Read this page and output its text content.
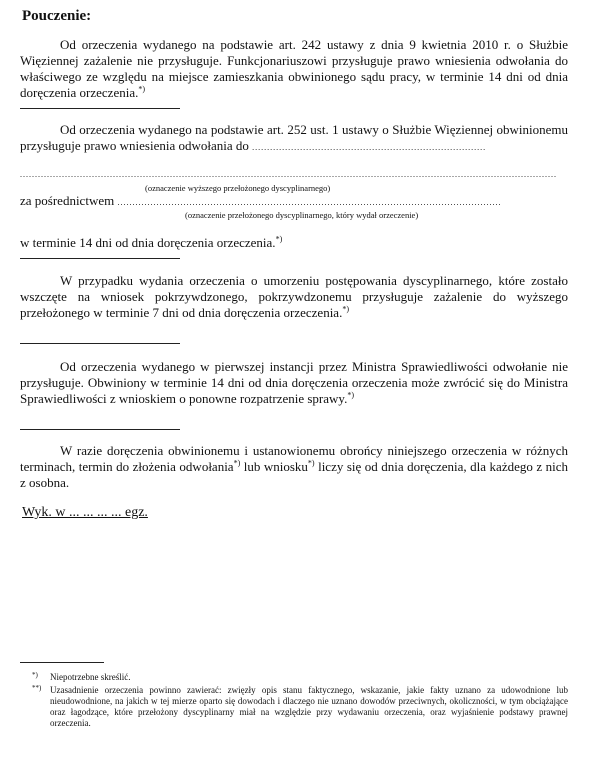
Pouczenie:
Od orzeczenia wydanego na podstawie art. 242 ustawy z dnia 9 kwietnia 2010 r. o Służbie Więziennej zażalenie nie przysługuje. Funkcjonariuszowi przysługuje prawo wniesienia odwołania do właściwego ze względu na miejsce zamieszkania obwinionego sądu pracy, w terminie 14 dni od dnia doręczenia orzeczenia.*)
Od orzeczenia wydanego na podstawie art. 252 ust. 1 ustawy o Służbie Więziennej obwinionemu przysługuje prawo wniesienia odwołania do ..............................................................................
...................................................................................................................................................................................
(oznaczenie wyższego przełożonego dyscyplinarnego)
za pośrednictwem ................................................................................................................................
(oznaczenie przełożonego dyscyplinarnego, który wydał orzeczenie)
w terminie 14 dni od dnia doręczenia orzeczenia.*)
W przypadku wydania orzeczenia o umorzeniu postępowania dyscyplinarnego, które zostało wszczęte na wniosek pokrzywdzonego, pokrzywdzonemu przysługuje zażalenie do wyższego przełożonego w terminie 7 dni od dnia doręczenia orzeczenia.*)
Od orzeczenia wydanego w pierwszej instancji przez Ministra Sprawiedliwości odwołanie nie przysługuje. Obwiniony w terminie 14 dni od dnia doręczenia orzeczenia może zwrócić się do Ministra Sprawiedliwości z wnioskiem o ponowne rozpatrzenie sprawy.*)
W razie doręczenia obwinionemu i ustanowionemu obrońcy niniejszego orzeczenia w różnych terminach, termin do złożenia odwołania*) lub wniosku*) liczy się od dnia doręczenia, dla każdego z nich z osobna.
Wyk. w ... ... ... ... egz.
*)	Niepotrzebne skreślić.
**) Uzasadnienie orzeczenia powinno zawierać: zwięzły opis stanu faktycznego, wskazanie, jakie fakty uznano za udowodnione lub nieudowodnione, na jakich w tej mierze oparto się dowodach i dlaczego nie uznano dowodów przeciwnych, okoliczności, w tym obciążające oraz łagodzące, które przełożony dyscyplinarny miał na względzie przy wydawaniu orzeczenia, oraz wyjaśnienie podstawy prawnej orzeczenia.
